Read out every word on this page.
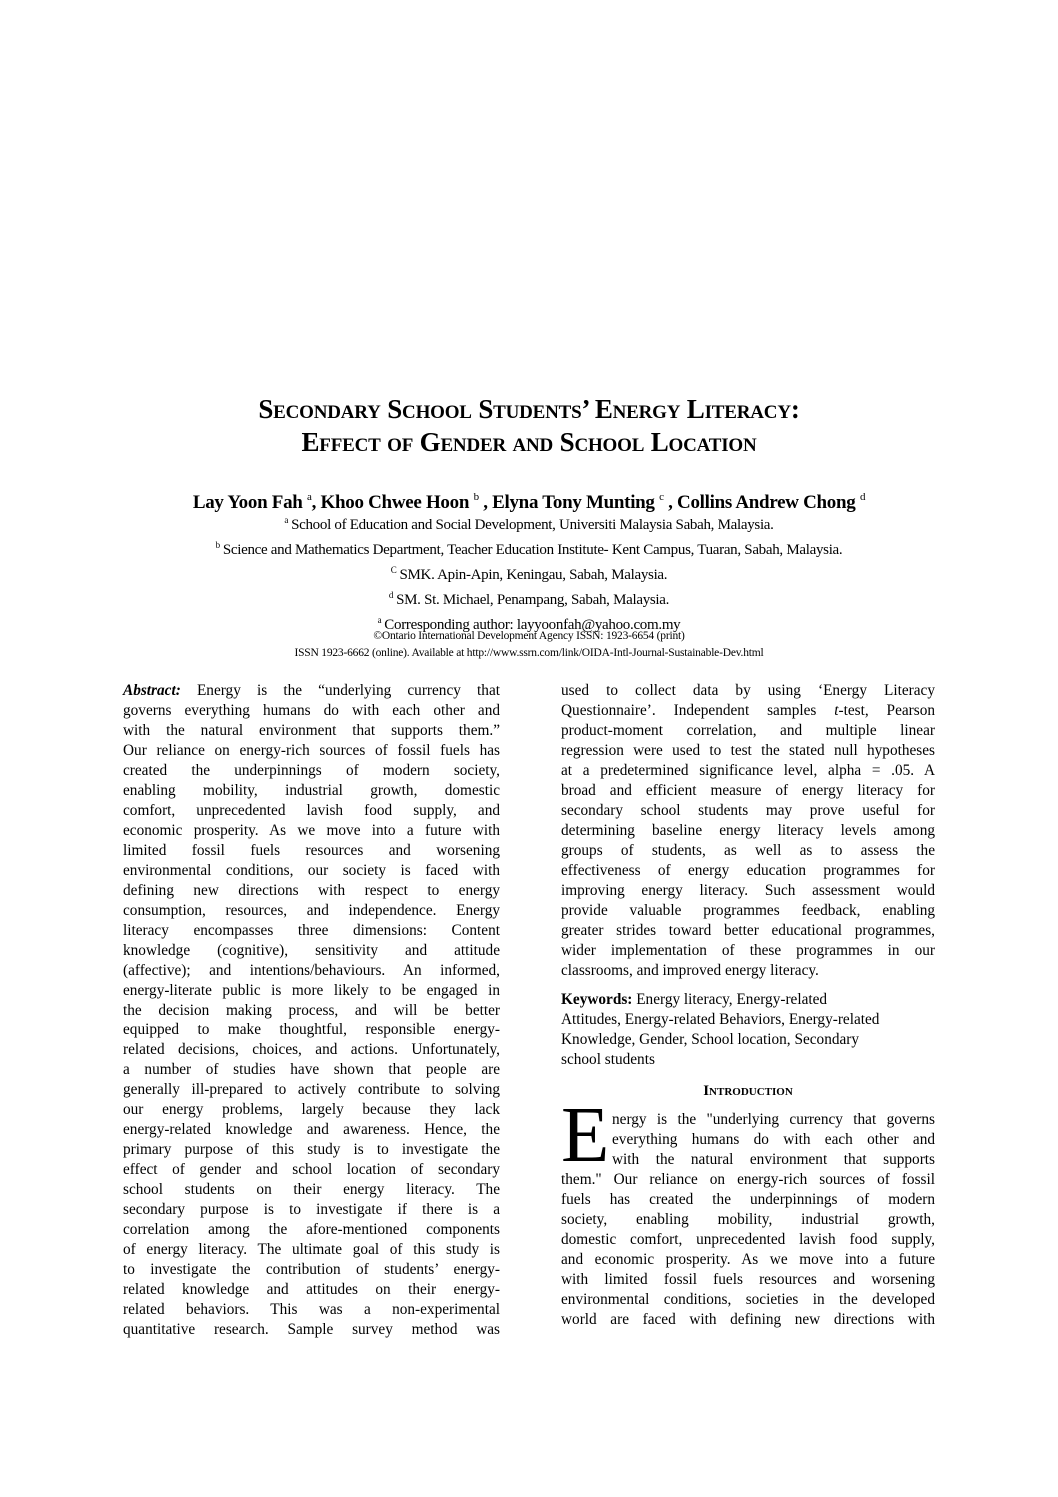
Secondary School Students’ Energy Literacy:
Effect of Gender and School Location
Lay Yoon Fah $^a$, Khoo Chwee Hoon $^b$ , Elyna Tony Munting $^c$ , Collins Andrew Chong $^d$
$^a$ School of Education and Social Development, Universiti Malaysia Sabah, Malaysia.
$^b$ Science and Mathematics Department, Teacher Education Institute- Kent Campus, Tuaran, Sabah, Malaysia.
$^C$ SMK. Apin-Apin, Keningau, Sabah, Malaysia.
$^d$ SM. St. Michael, Penampang, Sabah, Malaysia.
$^a$ Corresponding author: layyoonfah@yahoo.com.my
©Ontario International Development Agency ISSN: 1923-6654 (print)
ISSN 1923-6662 (online). Available at http://www.ssrn.com/link/OIDA-Intl-Journal-Sustainable-Dev.html
Abstract: Energy is the “underlying currency that
governs everything humans do with each other and
with the natural environment that supports them.”
Our reliance on energy-rich sources of fossil fuels has
created the underpinnings of modern society,
enabling mobility, industrial growth, domestic
comfort, unprecedented lavish food supply, and
economic prosperity. As we move into a future with
limited fossil fuels resources and worsening
environmental conditions, our society is faced with
defining new directions with respect to energy
consumption, resources, and independence. Energy
literacy encompasses three dimensions: Content
knowledge (cognitive), sensitivity and attitude
(affective); and intentions/behaviours. An informed,
energy-literate public is more likely to be engaged in
the decision making process, and will be better
equipped to make thoughtful, responsible energy-
related decisions, choices, and actions. Unfortunately,
a number of studies have shown that people are
generally ill-prepared to actively contribute to solving
our energy problems, largely because they lack
energy-related knowledge and awareness. Hence, the
primary purpose of this study is to investigate the
effect of gender and school location of secondary
school students on their energy literacy. The
secondary purpose is to investigate if there is a
correlation among the afore-mentioned components
of energy literacy. The ultimate goal of this study is
to investigate the contribution of students’ energy-
related knowledge and attitudes on their energy-
related behaviors. This was a non-experimental
quantitative research. Sample survey method was
used to collect data by using ‘Energy Literacy
Questionnaire’. Independent samples t-test, Pearson
product-moment correlation, and multiple linear
regression were used to test the stated null hypotheses
at a predetermined significance level, alpha = .05. A
broad and efficient measure of energy literacy for
secondary school students may prove useful for
determining baseline energy literacy levels among
groups of students, as well as to assess the
effectiveness of energy education programmes for
improving energy literacy. Such assessment would
provide valuable programmes feedback, enabling
greater strides toward better educational programmes,
wider implementation of these programmes in our
classrooms, and improved energy literacy.
Keywords: Energy literacy, Energy-related
Attitudes, Energy-related Behaviors, Energy-related
Knowledge, Gender, School location, Secondary
school students
Introduction
E nergy is the "underlying currency that governs
everything humans do with each other and
with the natural environment that supports
them." Our reliance on energy-rich sources of fossil
fuels has created the underpinnings of modern
society, enabling mobility, industrial growth,
domestic comfort, unprecedented lavish food supply,
and economic prosperity. As we move into a future
with limited fossil fuels resources and worsening
environmental conditions, societies in the developed
world are faced with defining new directions with
